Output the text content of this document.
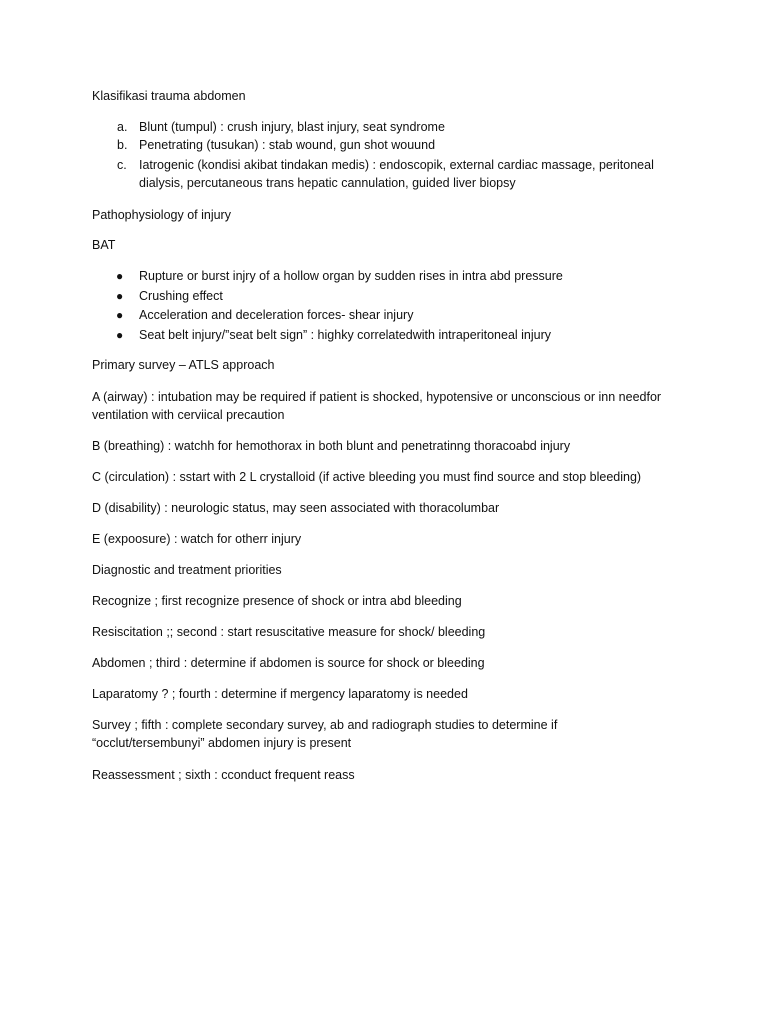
Klasifikasi trauma abdomen
a. Blunt (tumpul) : crush injury, blast injury, seat syndrome
b. Penetrating (tusukan) : stab wound, gun shot wouund
c. Iatrogenic (kondisi akibat tindakan medis) : endoscopik, external cardiac massage, peritoneal dialysis, percutaneous trans hepatic cannulation, guided liver biopsy
Pathophysiology of injury
BAT
● Rupture or burst injry of a hollow organ by sudden rises in intra abd pressure
● Crushing effect
● Acceleration and deceleration forces- shear injury
● Seat belt injury/”seat belt sign” : highky correlatedwith intraperitoneal injury
Primary survey – ATLS approach
A (airway) : intubation may be required if patient is shocked, hypotensive or unconscious or inn needfor ventilation with cerviical precaution
B (breathing) : watchh for hemothorax in both blunt and penetratinng thoracoabd injury
C (circulation) : sstart with 2 L crystalloid (if active bleeding you must find source and stop bleeding)
D (disability) : neurologic status, may seen associated with thoracolumbar
E (expoosure) : watch for otherr injury
Diagnostic and treatment priorities
Recognize ; first recognize presence of shock or intra abd bleeding
Resiscitation ;; second : start resuscitative measure for shock/ bleeding
Abdomen ; third : determine if abdomen is source for shock or bleeding
Laparatomy ? ; fourth : determine if mergency laparatomy is needed
Survey ; fifth : complete secondary survey, ab and radiograph studies to determine if “occlut/tersembunyi” abdomen injury is present
Reassessment ; sixth : cconduct frequent reass
